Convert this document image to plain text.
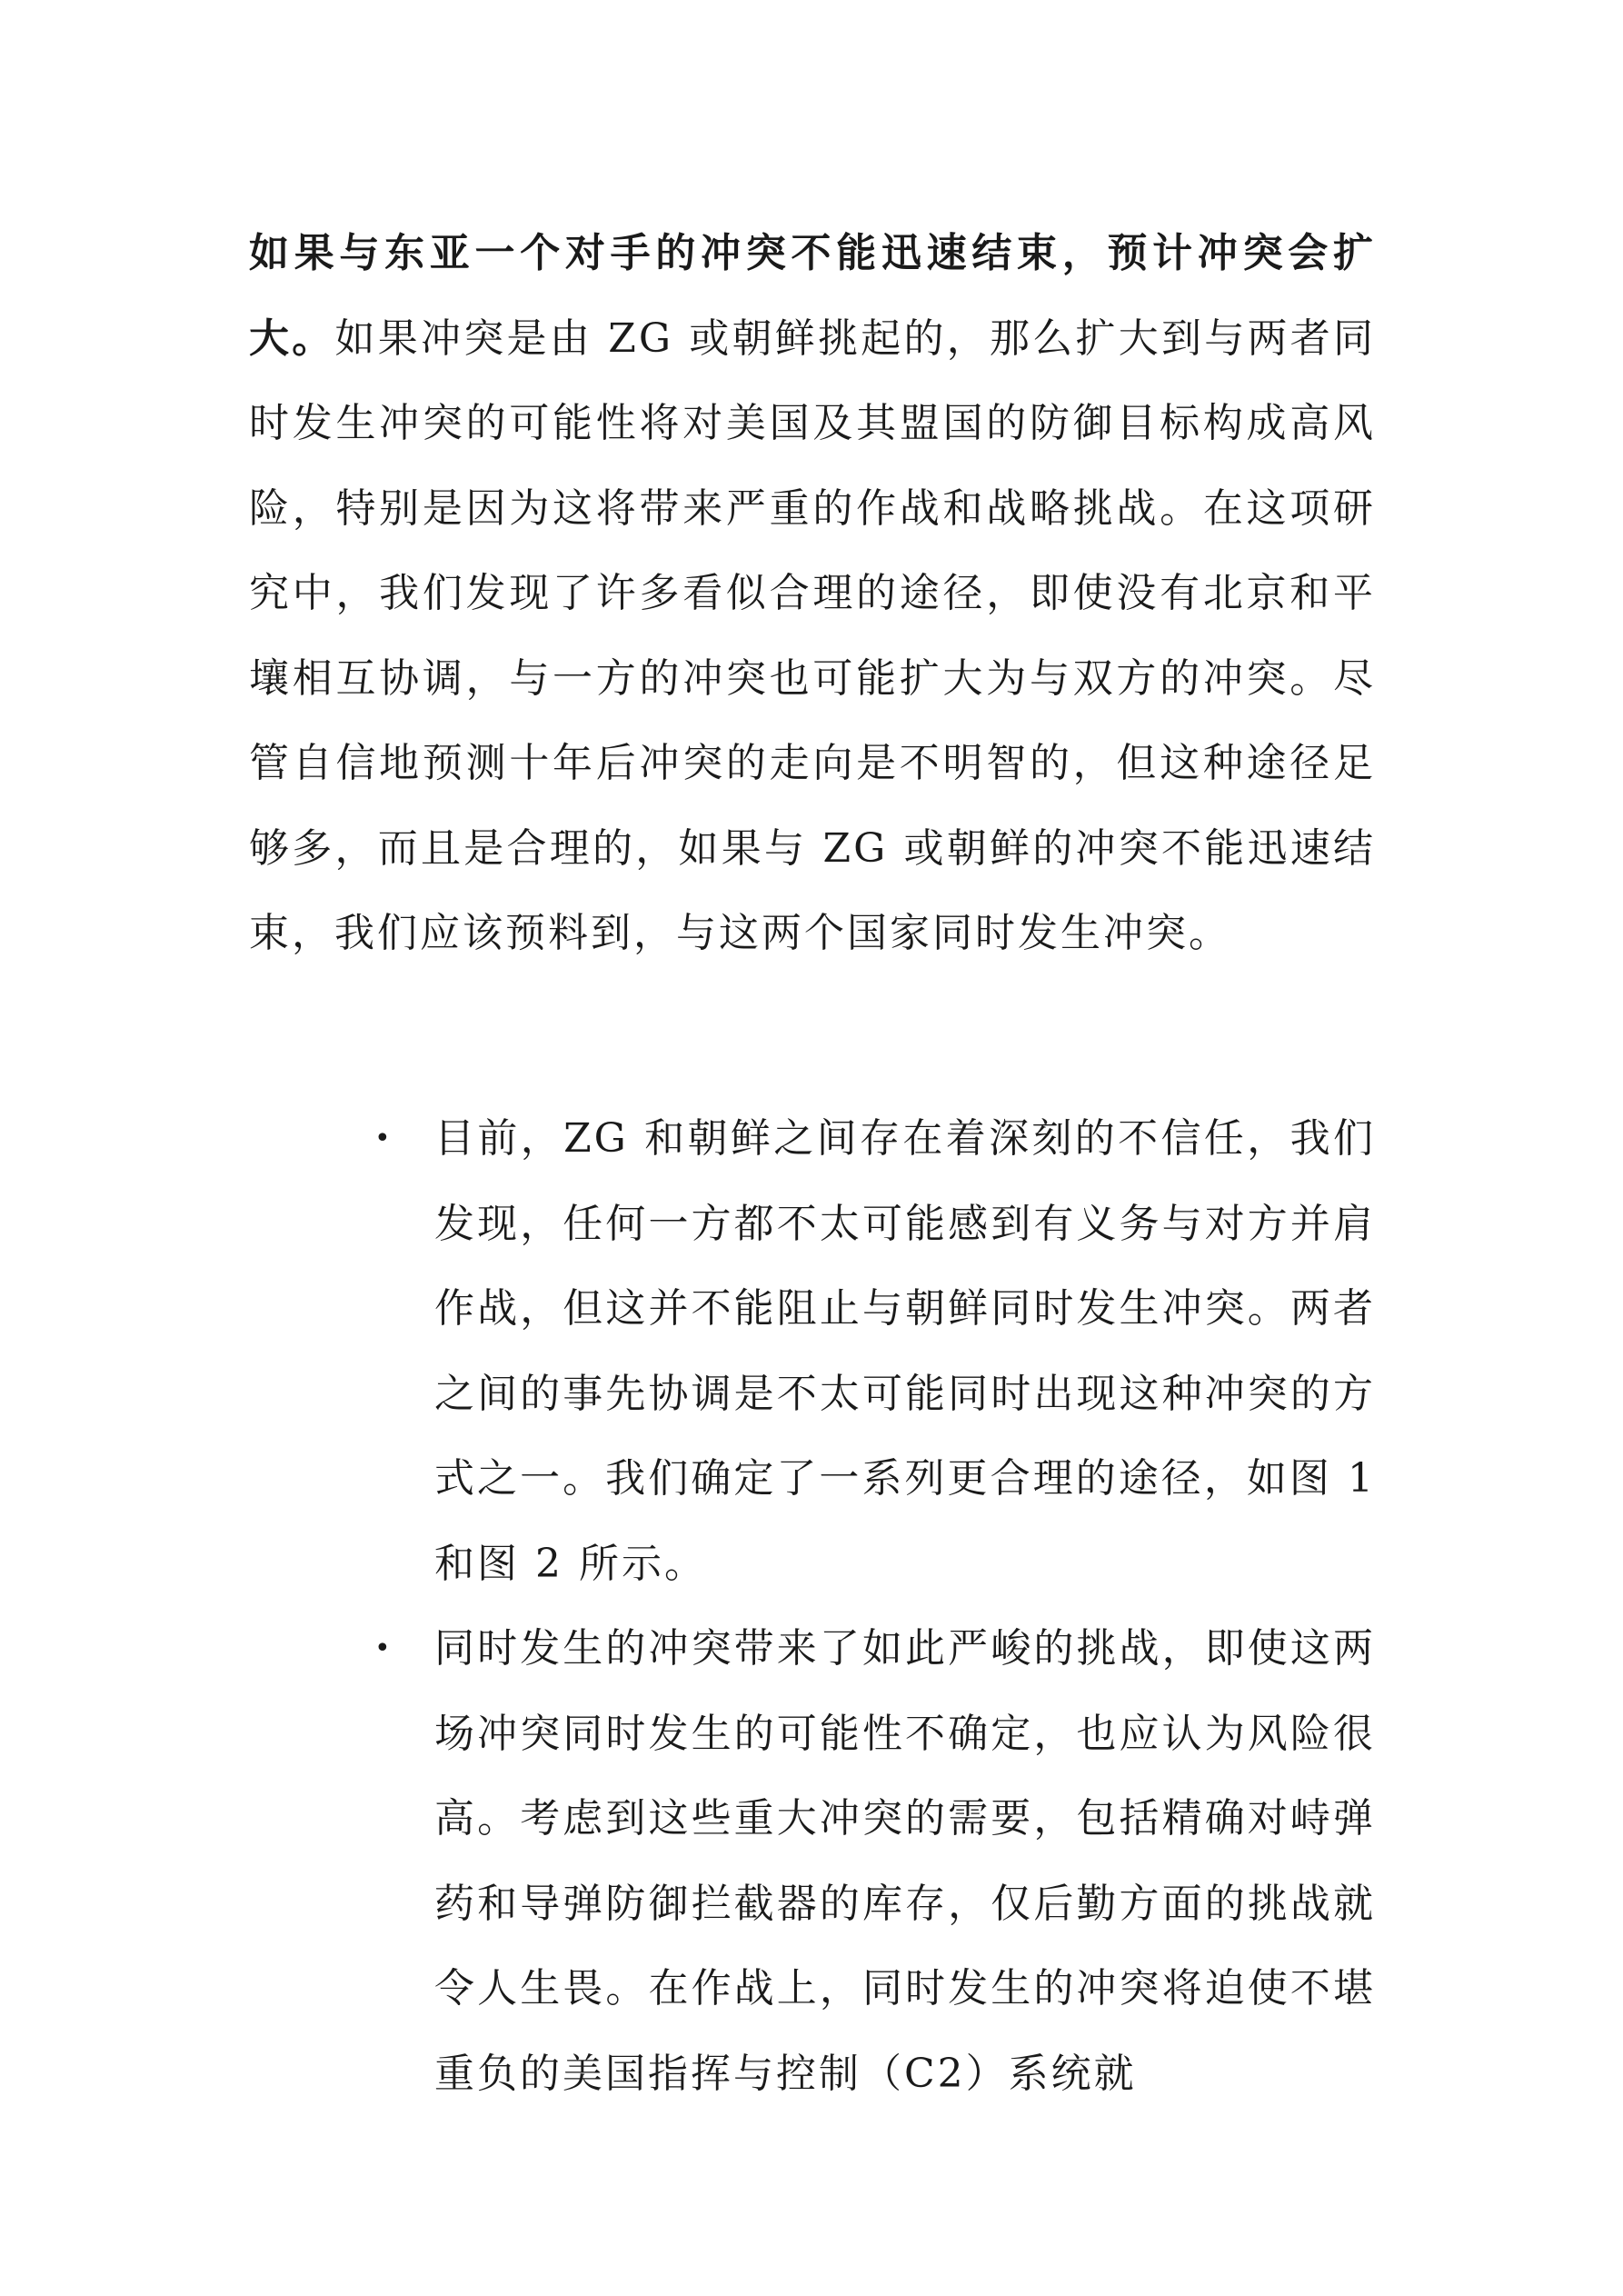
如果与东亚一个对手的冲突不能迅速结束，预计冲突会扩大。如果冲突是由 ZG 或朝鲜挑起的，那么扩大到与两者同时发生冲突的可能性将对美国及其盟国的防御目标构成高风险，特别是因为这将带来严重的作战和战略挑战。在这项研究中，我们发现了许多看似合理的途径，即使没有北京和平壤相互协调，与一方的冲突也可能扩大为与双方的冲突。尽管自信地预测十年后冲突的走向是不明智的，但这种途径足够多，而且是合理的，如果与 ZG 或朝鲜的冲突不能迅速结束，我们应该预料到，与这两个国家同时发生冲突。

• 目前，ZG 和朝鲜之间存在着深刻的不信任，我们发现，任何一方都不太可能感到有义务与对方并肩作战，但这并不能阻止与朝鲜同时发生冲突。两者之间的事先协调是不太可能同时出现这种冲突的方式之一。我们确定了一系列更合理的途径，如图 1 和图 2 所示。
• 同时发生的冲突带来了如此严峻的挑战，即使这两场冲突同时发生的可能性不确定，也应认为风险很高。考虑到这些重大冲突的需要，包括精确对峙弹药和导弹防御拦截器的库存，仅后勤方面的挑战就令人生畏。在作战上，同时发生的冲突将迫使不堪重负的美国指挥与控制（C2）系统就
